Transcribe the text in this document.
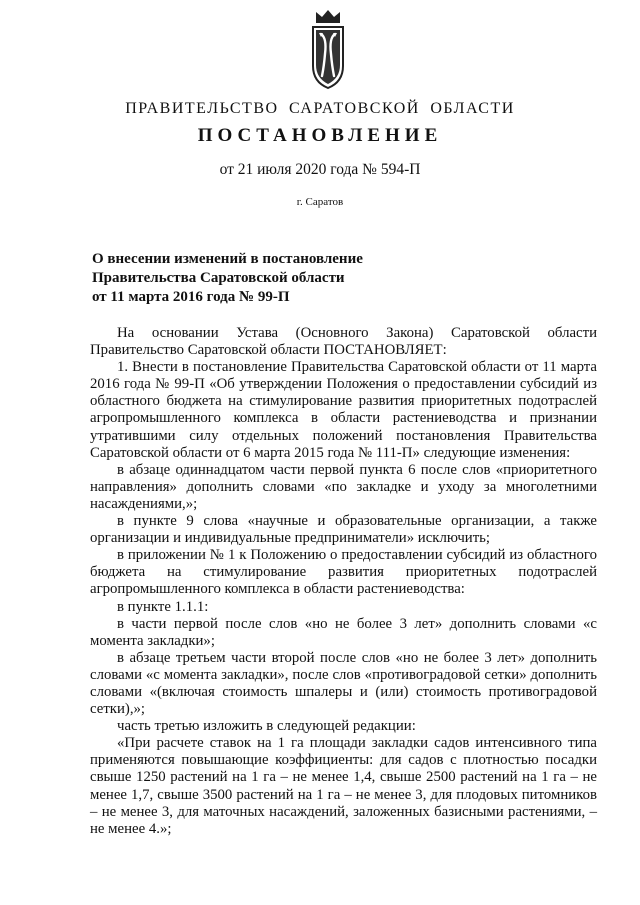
ПРАВИТЕЛЬСТВО САРАТОВСКОЙ ОБЛАСТИ
ПОСТАНОВЛЕНИЕ
от 21 июля 2020 года № 594-П
г. Саратов
О внесении изменений в постановление
Правительства Саратовской области
от 11 марта 2016 года № 99-П

На основании Устава (Основного Закона) Саратовской области Правительство Саратовской области ПОСТАНОВЛЯЕТ:

1. Внести в постановление Правительства Саратовской области от 11 марта 2016 года № 99-П «Об утверждении Положения о предоставлении субсидий из областного бюджета на стимулирование развития приоритетных подотраслей агропромышленного комплекса в области растениеводства и признании утратившими силу отдельных положений постановления Правительства Саратовской области от 6 марта 2015 года № 111-П» следующие изменения:

в абзаце одиннадцатом части первой пункта 6 после слов «приоритетного направления» дополнить словами «по закладке и уходу за многолетними насаждениями,»;

в пункте 9 слова «научные и образовательные организации, а также организации и индивидуальные предприниматели» исключить;

в приложении № 1 к Положению о предоставлении субсидий из областного бюджета на стимулирование развития приоритетных подотраслей агропромышленного комплекса в области растениеводства:

в пункте 1.1.1:

в части первой после слов «но не более 3 лет» дополнить словами «с момента закладки»;

в абзаце третьем части второй после слов «но не более 3 лет» дополнить словами «с момента закладки», после слов «противоградовой сетки» дополнить словами «(включая стоимость шпалеры и (или) стоимость противоградовой сетки),»;

часть третью изложить в следующей редакции:

«При расчете ставок на 1 га площади закладки садов интенсивного типа применяются повышающие коэффициенты: для садов с плотностью посадки свыше 1250 растений на 1 га – не менее 1,4, свыше 2500 растений на 1 га – не менее 1,7, свыше 3500 растений на 1 га – не менее 3, для плодовых питомников – не менее 3, для маточных насаждений, заложенных базисными растениями, – не менее 4.»;
